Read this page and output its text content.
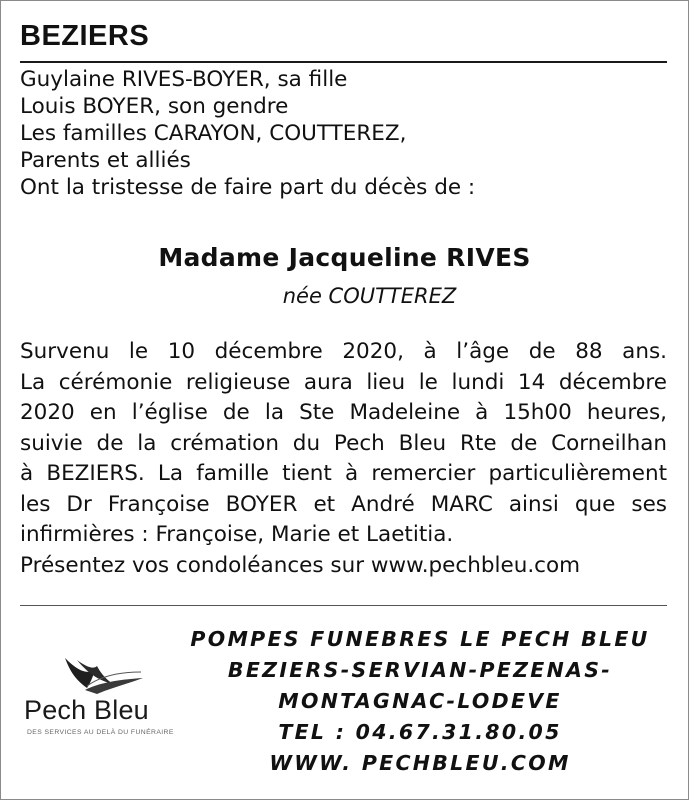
BEZIERS
Guylaine RIVES-BOYER, sa fille
Louis BOYER, son gendre
Les familles CARAYON, COUTTEREZ,
Parents et alliés
Ont la tristesse de faire part du décès de :
Madame Jacqueline RIVES
née COUTTEREZ
Survenu le 10 décembre 2020, à l’âge de 88 ans.
La cérémonie religieuse aura lieu le lundi 14 décembre
2020 en l’église de la Ste Madeleine à 15h00 heures,
suivie de la crémation du Pech Bleu Rte de Corneilhan
à BEZIERS. La famille tient à remercier particulièrement
les Dr Françoise BOYER et André MARC ainsi que ses
infirmières : Françoise, Marie et Laetitia.
Présentez vos condoléances sur www.pechbleu.com
Pech Bleu
DES SERVICES AU DELÀ DU FUNÉRAIRE
POMPES FUNEBRES LE PECH BLEU
BEZIERS-SERVIAN-PEZENAS-
MONTAGNAC-LODEVE
TEL : 04.67.31.80.05
WWW. PECHBLEU.COM
